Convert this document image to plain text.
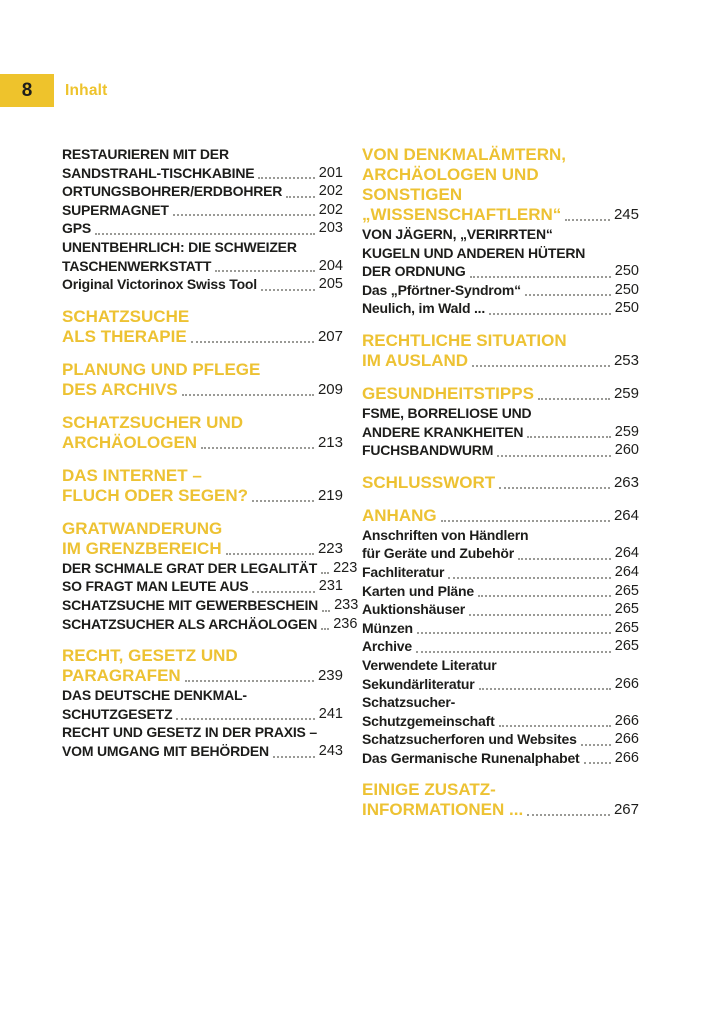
8 Inhalt
RESTAURIEREN MIT DER
SANDSTRAHL-TISCHKABINE	201
ORTUNGSBOHRER/ERDBOHRER	202
SUPERMAGNET	202
GPS	203
UNENTBEHRLICH: DIE SCHWEIZER
TASCHENWERKSTATT	204
Original Victorinox Swiss Tool	205
SCHATZSUCHE
ALS THERAPIE	207
PLANUNG UND PFLEGE
DES ARCHIVS	209
SCHATZSUCHER UND
ARCHÄOLOGEN	213
DAS INTERNET –
FLUCH ODER SEGEN?	219
GRATWANDERUNG
IM GRENZBEREICH	223
DER SCHMALE GRAT DER LEGALITÄT 223
SO FRAGT MAN LEUTE AUS	231
SCHATZSUCHE MIT GEWERBESCHEIN 233
SCHATZSUCHER ALS ARCHÄOLOGEN 236
RECHT, GESETZ UND
PARAGRAFEN	239
DAS DEUTSCHE DENKMAL-
SCHUTZGESETZ	241
RECHT UND GESETZ IN DER PRAXIS –
VOM UMGANG MIT BEHÖRDEN	243
VON DENKMALÄMTERN,
ARCHÄOLOGEN UND
SONSTIGEN
„WISSENSCHAFTLERN“	245
VON JÄGERN, „VERIRRTEN“
KUGELN UND ANDEREN HÜTERN
DER ORDNUNG	250
Das „Pförtner-Syndrom“	250
Neulich, im Wald ...	250
RECHTLICHE SITUATION
IM AUSLAND	253
GESUNDHEITSTIPPS	259
FSME, BORRELIOSE UND
ANDERE KRANKHEITEN	259
FUCHSBANDWURM	260
SCHLUSSWORT	263
ANHANG	264
Anschriften von Händlern
für Geräte und Zubehör	264
Fachliteratur	264
Karten und Pläne	265
Auktionshäuser	265
Münzen	265
Archive	265
Verwendete Literatur
Sekundärliteratur	266
Schatzsucher-
Schutzgemeinschaft	266
Schatzsucherforen und Websites	266
Das Germanische Runenalphabet 266
EINIGE ZUSATZ-
INFORMATIONEN ...	267
